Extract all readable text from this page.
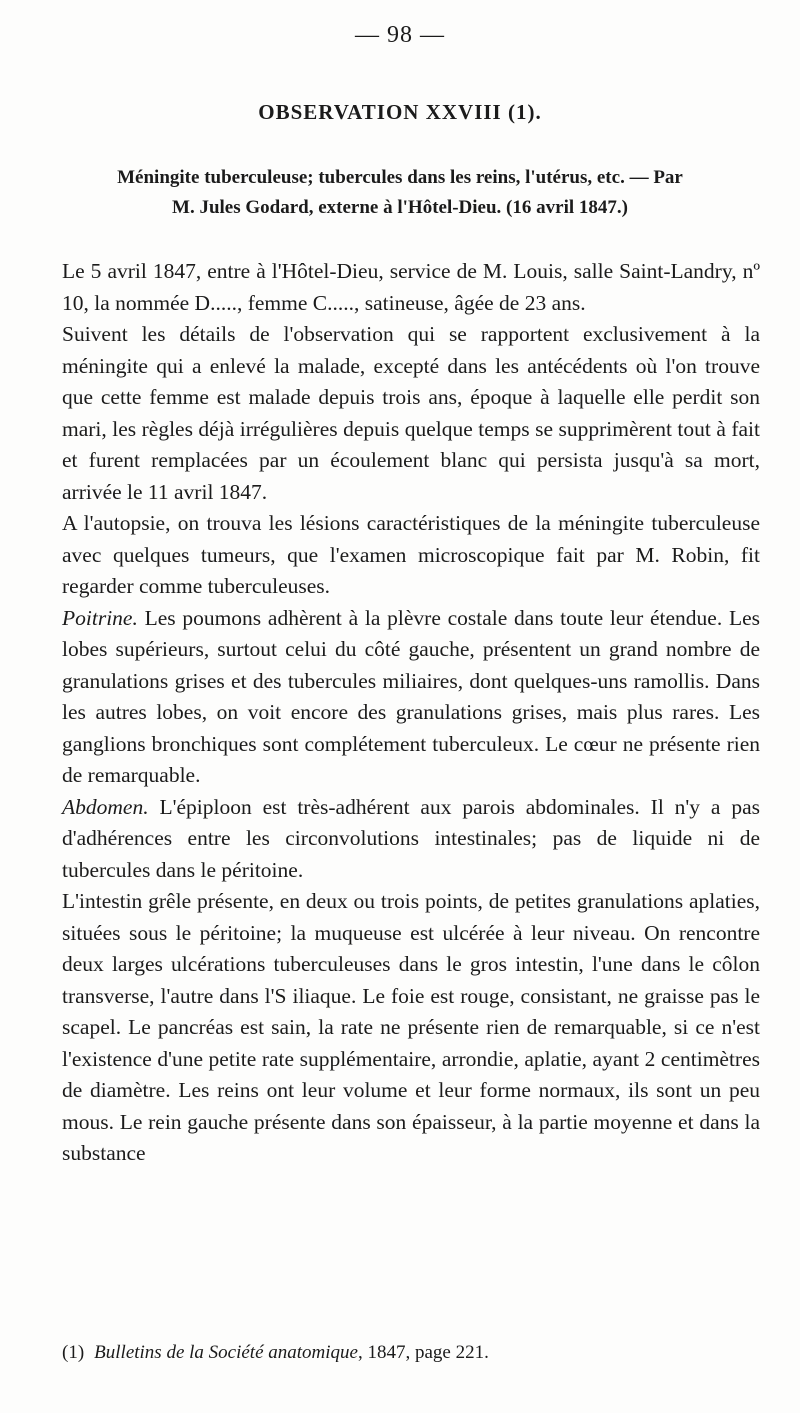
— 98 —
OBSERVATION XXVIII (1).
Méningite tuberculeuse; tubercules dans les reins, l'utérus, etc. — Par
M. Jules Godard, externe à l'Hôtel-Dieu. (16 avril 1847.)

Le 5 avril 1847, entre à l'Hôtel-Dieu, service de M. Louis, salle Saint-Landry, nº 10, la nommée D....., femme C....., satineuse, âgée de 23 ans.

Suivent les détails de l'observation qui se rapportent exclusivement à la méningite qui a enlevé la malade, excepté dans les antécédents où l'on trouve que cette femme est malade depuis trois ans, époque à laquelle elle perdit son mari, les règles déjà irrégulières depuis quelque temps se supprimèrent tout à fait et furent remplacées par un écoulement blanc qui persista jusqu'à sa mort, arrivée le 11 avril 1847.

A l'autopsie, on trouva les lésions caractéristiques de la méningite tuberculeuse avec quelques tumeurs, que l'examen microscopique fait par M. Robin, fit regarder comme tuberculeuses.

Poitrine. Les poumons adhèrent à la plèvre costale dans toute leur étendue. Les lobes supérieurs, surtout celui du côté gauche, présentent un grand nombre de granulations grises et des tubercules miliaires, dont quelques-uns ramollis. Dans les autres lobes, on voit encore des granulations grises, mais plus rares. Les ganglions bronchiques sont complétement tuberculeux. Le cœur ne présente rien de remarquable.

Abdomen. L'épiploon est très-adhérent aux parois abdominales. Il n'y a pas d'adhérences entre les circonvolutions intestinales; pas de liquide ni de tubercules dans le péritoine.

L'intestin grêle présente, en deux ou trois points, de petites granulations aplaties, situées sous le péritoine; la muqueuse est ulcérée à leur niveau. On rencontre deux larges ulcérations tuberculeuses dans le gros intestin, l'une dans le côlon transverse, l'autre dans l'S iliaque. Le foie est rouge, consistant, ne graisse pas le scapel. Le pancréas est sain, la rate ne présente rien de remarquable, si ce n'est l'existence d'une petite rate supplémentaire, arrondie, aplatie, ayant 2 centimètres de diamètre. Les reins ont leur volume et leur forme normaux, ils sont un peu mous. Le rein gauche présente dans son épaisseur, à la partie moyenne et dans la substance

(1) Bulletins de la Société anatomique, 1847, page 221.
